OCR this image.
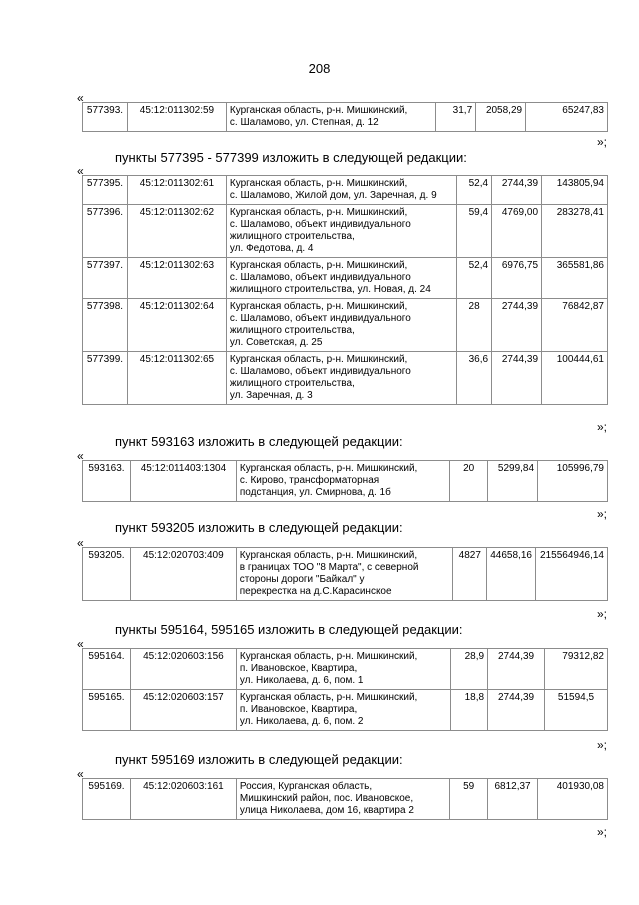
208
«
577393.	45:12:011302:59	Курганская область, р-н. Мишкинский,
с. Шаламово, ул. Степная, д. 12	31,7	2058,29	65247,83
»;
пункты 577395 - 577399 изложить в следующей редакции:
«
577395.	45:12:011302:61	Курганская область, р-н. Мишкинский,
с. Шаламово, Жилой дом, ул. Заречная, д. 9	52,4	2744,39	143805,94
577396.	45:12:011302:62	Курганская область, р-н. Мишкинский,
с. Шаламово, объект индивидуального
жилищного строительства,
ул. Федотова, д. 4	59,4	4769,00	283278,41
577397.	45:12:011302:63	Курганская область, р-н. Мишкинский,
с. Шаламово, объект индивидуального
жилищного строительства, ул. Новая, д. 24	52,4	6976,75	365581,86
577398.	45:12:011302:64	Курганская область, р-н. Мишкинский,
с. Шаламово, объект индивидуального
жилищного строительства,
ул. Советская, д. 25	28	2744,39	76842,87
577399.	45:12:011302:65	Курганская область, р-н. Мишкинский,
с. Шаламово, объект индивидуального
жилищного строительства,
ул. Заречная, д. 3	36,6	2744,39	100444,61
»;
пункт 593163 изложить в следующей редакции:
«
593163.	45:12:011403:1304	Курганская область, р-н. Мишкинский,
с. Кирово, трансформаторная
подстанция, ул. Смирнова, д. 1б	20	5299,84	105996,79
»;
пункт 593205 изложить в следующей редакции:
«
593205.	45:12:020703:409	Курганская область, р-н. Мишкинский,
в границах ТОО "8 Марта", с северной
стороны дороги "Байкал" у
перекрестка на д.С.Карасинское	4827	44658,16	215564946,14
»;
пункты 595164, 595165 изложить в следующей редакции:
«
595164.	45:12:020603:156	Курганская область, р-н. Мишкинский,
п. Ивановское, Квартира,
ул. Николаева, д. 6, пом. 1	28,9	2744,39	79312,82
595165.	45:12:020603:157	Курганская область, р-н. Мишкинский,
п. Ивановское, Квартира,
ул. Николаева, д. 6, пом. 2	18,8	2744,39	51594,5
»;
пункт 595169 изложить в следующей редакции:
«
595169.	45:12:020603:161	Россия, Курганская область,
Мишкинский район, пос. Ивановское,
улица Николаева, дом 16, квартира 2	59	6812,37	401930,08
»;
